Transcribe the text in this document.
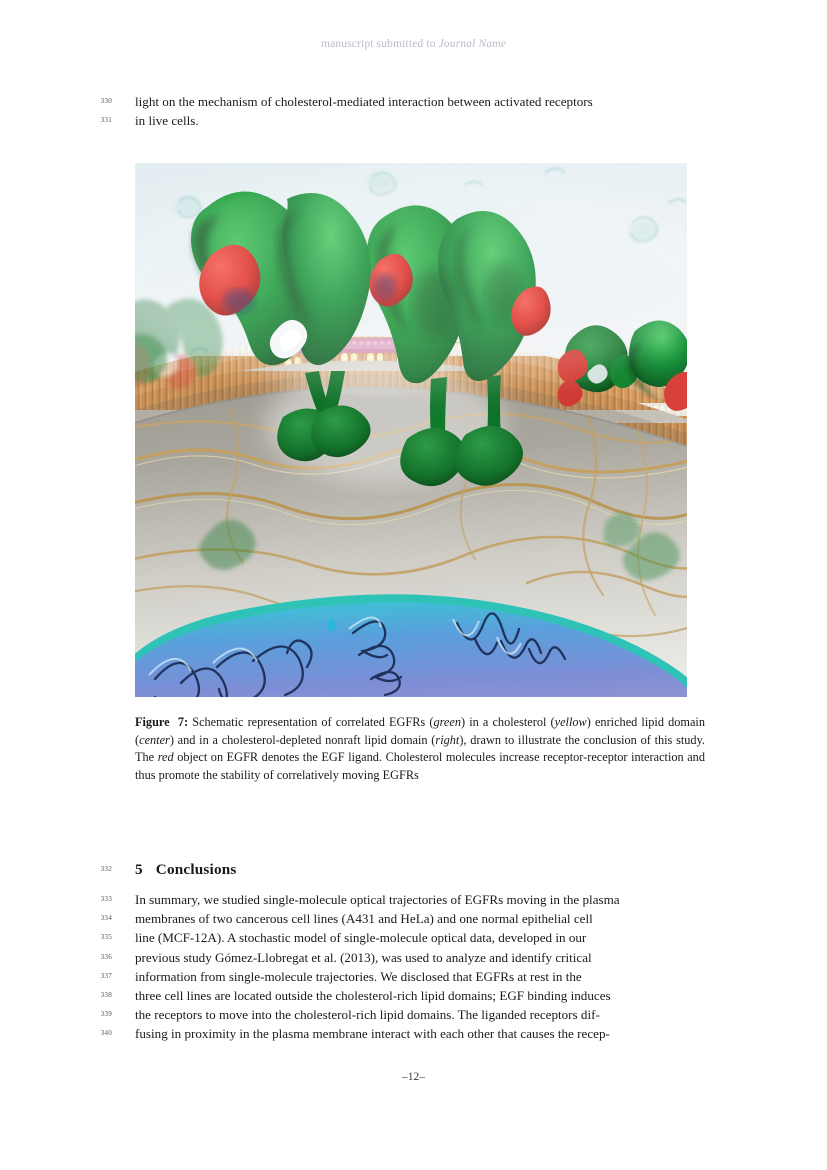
manuscript submitted to Journal Name
330 light on the mechanism of cholesterol-mediated interaction between activated receptors
331 in live cells.
Figure 7: Schematic representation of correlated EGFRs (green) in a cholesterol (yellow) enriched lipid domain (center) and in a cholesterol-depleted nonraft lipid domain (right), drawn to illustrate the conclusion of this study. The red object on EGFR denotes the EGF ligand. Cholesterol molecules increase receptor-receptor interaction and thus promote the stability of correlatively moving EGFRs
332 5 Conclusions
333 In summary, we studied single-molecule optical trajectories of EGFRs moving in the plasma
334 membranes of two cancerous cell lines (A431 and HeLa) and one normal epithelial cell
335 line (MCF-12A). A stochastic model of single-molecule optical data, developed in our
336 previous study Gómez-Llobregat et al. (2013), was used to analyze and identify critical
337 information from single-molecule trajectories. We disclosed that EGFRs at rest in the
338 three cell lines are located outside the cholesterol-rich lipid domains; EGF binding induces
339 the receptors to move into the cholesterol-rich lipid domains. The liganded receptors dif-
340 fusing in proximity in the plasma membrane interact with each other that causes the recep-
–12–
